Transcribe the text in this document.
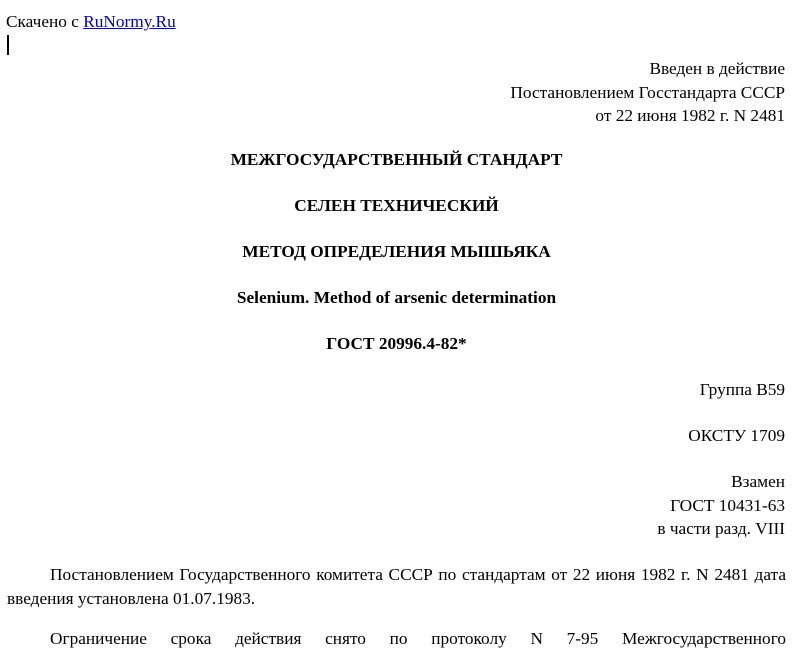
Скачено с RuNormy.Ru
Введен в действие
Постановлением Госстандарта СССР
от 22 июня 1982 г. N 2481
МЕЖГОСУДАРСТВЕННЫЙ СТАНДАРТ
СЕЛЕН ТЕХНИЧЕСКИЙ
МЕТОД ОПРЕДЕЛЕНИЯ МЫШЬЯКА
Selenium. Method of arsenic determination
ГОСТ 20996.4-82*
Группа В59
ОКСТУ 1709
Взамен
ГОСТ 10431-63
в части разд. VIII
Постановлением Государственного комитета СССР по стандартам от 22 июня 1982 г. N 2481 дата введения установлена 01.07.1983.
Ограничение срока действия снято по протоколу N 7-95 Межгосударственного
